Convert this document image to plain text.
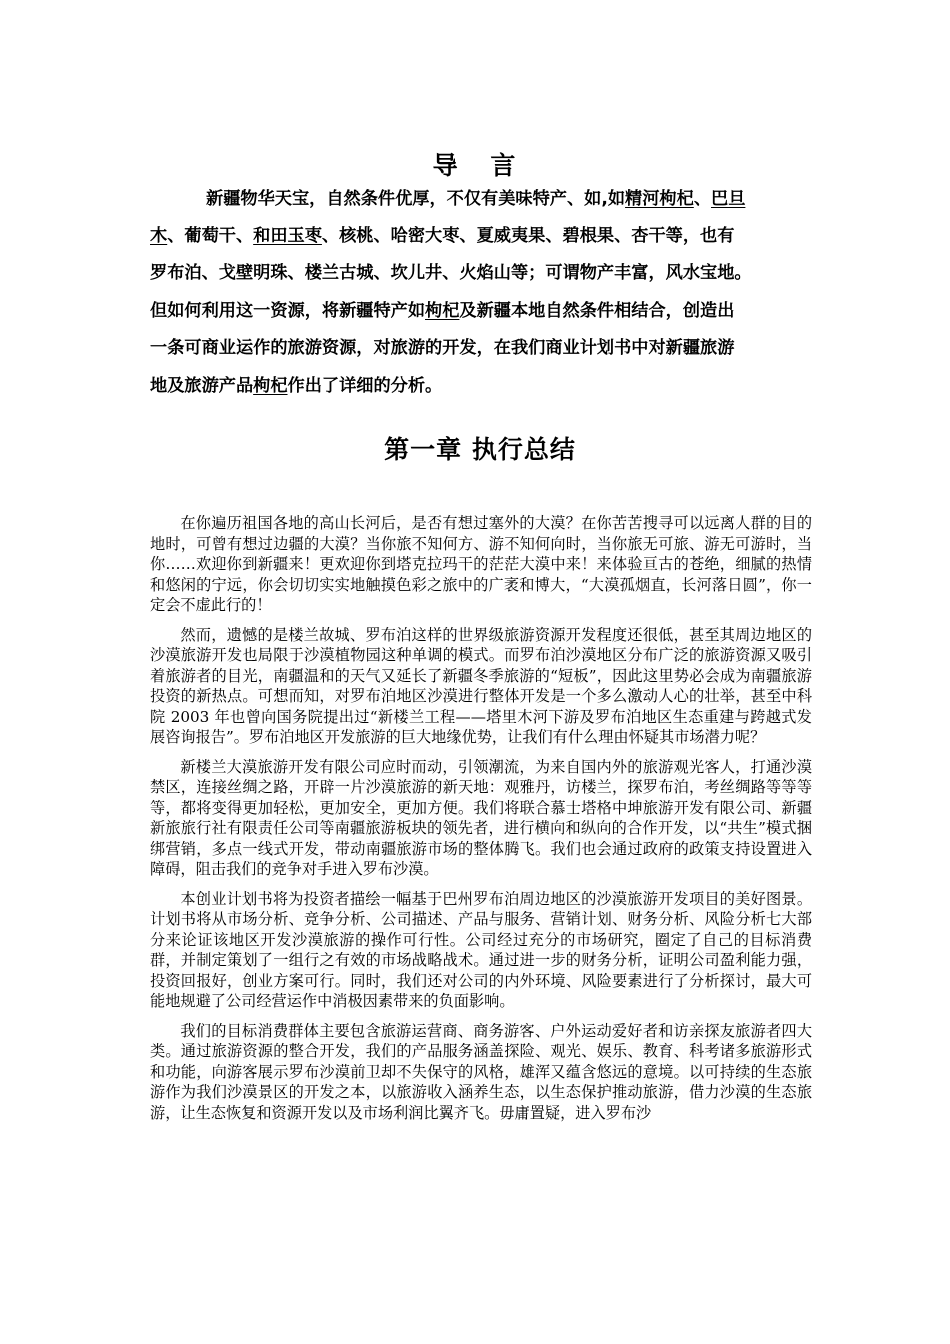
导 言
新疆物华天宝，自然条件优厚，不仅有美味特产、如,如精河枸杞、巴旦
木、葡萄干、和田玉枣、核桃、哈密大枣、夏威夷果、碧根果、杏干等，也有
罗布泊、戈壁明珠、楼兰古城、坎儿井、火焰山等；可谓物产丰富，风水宝地。
但如何利用这一资源，将新疆特产如枸杞及新疆本地自然条件相结合，创造出
一条可商业运作的旅游资源，对旅游的开发，在我们商业计划书中对新疆旅游
地及旅游产品枸杞作出了详细的分析。
第一章 执行总结

在你遍历祖国各地的高山长河后，是否有想过塞外的大漠？在你苦苦搜寻可以远离人群的目的地时，可曾有想过边疆的大漠？当你旅不知何方、游不知何向时，当你旅无可旅、游无可游时，当你……欢迎你到新疆来！更欢迎你到塔克拉玛干的茫茫大漠中来！来体验亘古的苍绝，细腻的热情和悠闲的宁远，你会切切实实地触摸色彩之旅中的广袤和博大，“大漠孤烟直，长河落日圆”，你一定会不虚此行的！

然而，遗憾的是楼兰故城、罗布泊这样的世界级旅游资源开发程度还很低，甚至其周边地区的沙漠旅游开发也局限于沙漠植物园这种单调的模式。而罗布泊沙漠地区分布广泛的旅游资源又吸引着旅游者的目光，南疆温和的天气又延长了新疆冬季旅游的“短板”，因此这里势必会成为南疆旅游投资的新热点。可想而知，对罗布泊地区沙漠进行整体开发是一个多么激动人心的壮举，甚至中科院 2003 年也曾向国务院提出过“新楼兰工程——塔里木河下游及罗布泊地区生态重建与跨越式发展咨询报告”。罗布泊地区开发旅游的巨大地缘优势，让我们有什么理由怀疑其市场潜力呢？

新楼兰大漠旅游开发有限公司应时而动，引领潮流，为来自国内外的旅游观光客人，打通沙漠禁区，连接丝绸之路，开辟一片沙漠旅游的新天地：观雅丹，访楼兰，探罗布泊，考丝绸路等等等等，都将变得更加轻松，更加安全，更加方便。我们将联合慕士塔格中坤旅游开发有限公司、新疆新旅旅行社有限责任公司等南疆旅游板块的领先者，进行横向和纵向的合作开发，以“共生”模式捆绑营销，多点一线式开发，带动南疆旅游市场的整体腾飞。我们也会通过政府的政策支持设置进入障碍，阻击我们的竞争对手进入罗布沙漠。

本创业计划书将为投资者描绘一幅基于巴州罗布泊周边地区的沙漠旅游开发项目的美好图景。计划书将从市场分析、竞争分析、公司描述、产品与服务、营销计划、财务分析、风险分析七大部分来论证该地区开发沙漠旅游的操作可行性。公司经过充分的市场研究，圈定了自己的目标消费群，并制定策划了一组行之有效的市场战略战术。通过进一步的财务分析，证明公司盈利能力强，投资回报好，创业方案可行。同时，我们还对公司的内外环境、风险要素进行了分析探讨，最大可能地规避了公司经营运作中消极因素带来的负面影响。

我们的目标消费群体主要包含旅游运营商、商务游客、户外运动爱好者和访亲探友旅游者四大类。通过旅游资源的整合开发，我们的产品服务涵盖探险、观光、娱乐、教育、科考诸多旅游形式和功能，向游客展示罗布沙漠前卫却不失保守的风格，雄浑又蕴含悠远的意境。以可持续的生态旅游作为我们沙漠景区的开发之本，以旅游收入涵养生态，以生态保护推动旅游，借力沙漠的生态旅游，让生态恢复和资源开发以及市场利润比翼齐飞。毋庸置疑，进入罗布沙
